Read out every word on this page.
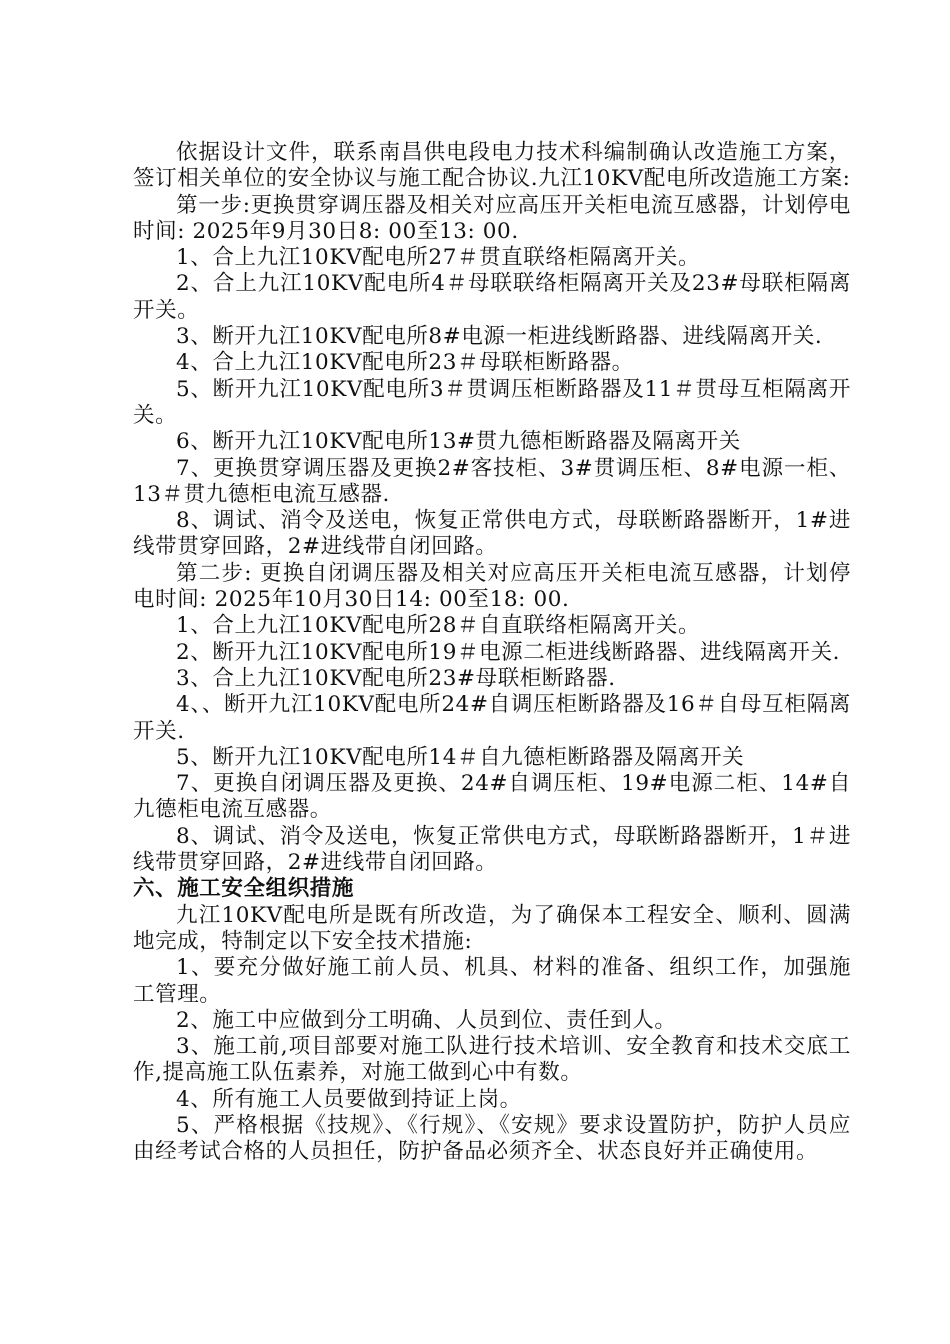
依据设计文件，联系南昌供电段电力技术科编制确认改造施工方案，签订相关单位的安全协议与施工配合协议.九江10KV配电所改造施工方案:

第一步:更换贯穿调压器及相关对应高压开关柜电流互感器，计划停电时间: 2025年9月30日8: 00至13: 00.

1、合上九江10KV配电所27＃贯直联络柜隔离开关。

2、合上九江10KV配电所4＃母联联络柜隔离开关及23#母联柜隔离开关。

3、断开九江10KV配电所8#电源一柜进线断路器、进线隔离开关.

4、合上九江10KV配电所23＃母联柜断路器。

5、断开九江10KV配电所3＃贯调压柜断路器及11＃贯母互柜隔离开关。

6、断开九江10KV配电所13#贯九德柜断路器及隔离开关

7、更换贯穿调压器及更换2#客技柜、3#贯调压柜、8#电源一柜、13＃贯九德柜电流互感器.

8、调试、消令及送电，恢复正常供电方式，母联断路器断开，1#进线带贯穿回路，2#进线带自闭回路。

第二步: 更换自闭调压器及相关对应高压开关柜电流互感器，计划停电时间: 2025年10月30日14: 00至18: 00.

1、合上九江10KV配电所28＃自直联络柜隔离开关。

2、断开九江10KV配电所19＃电源二柜进线断路器、进线隔离开关.

3、合上九江10KV配电所23#母联柜断路器.

4、、断开九江10KV配电所24#自调压柜断路器及16＃自母互柜隔离开关.

5、断开九江10KV配电所14＃自九德柜断路器及隔离开关

7、更换自闭调压器及更换、24#自调压柜、19#电源二柜、14#自九德柜电流互感器。

8、调试、消令及送电，恢复正常供电方式，母联断路器断开，1＃进线带贯穿回路，2#进线带自闭回路。

六、施工安全组织措施

九江10KV配电所是既有所改造，为了确保本工程安全、顺利、圆满地完成，特制定以下安全技术措施:

1、要充分做好施工前人员、机具、材料的准备、组织工作，加强施工管理。

2、施工中应做到分工明确、人员到位、责任到人。

3、施工前,项目部要对施工队进行技术培训、安全教育和技术交底工作,提高施工队伍素养，对施工做到心中有数。

4、所有施工人员要做到持证上岗。

5、严格根据《技规》、《行规》、《安规》要求设置防护，防护人员应由经考试合格的人员担任，防护备品必须齐全、状态良好并正确使用。
